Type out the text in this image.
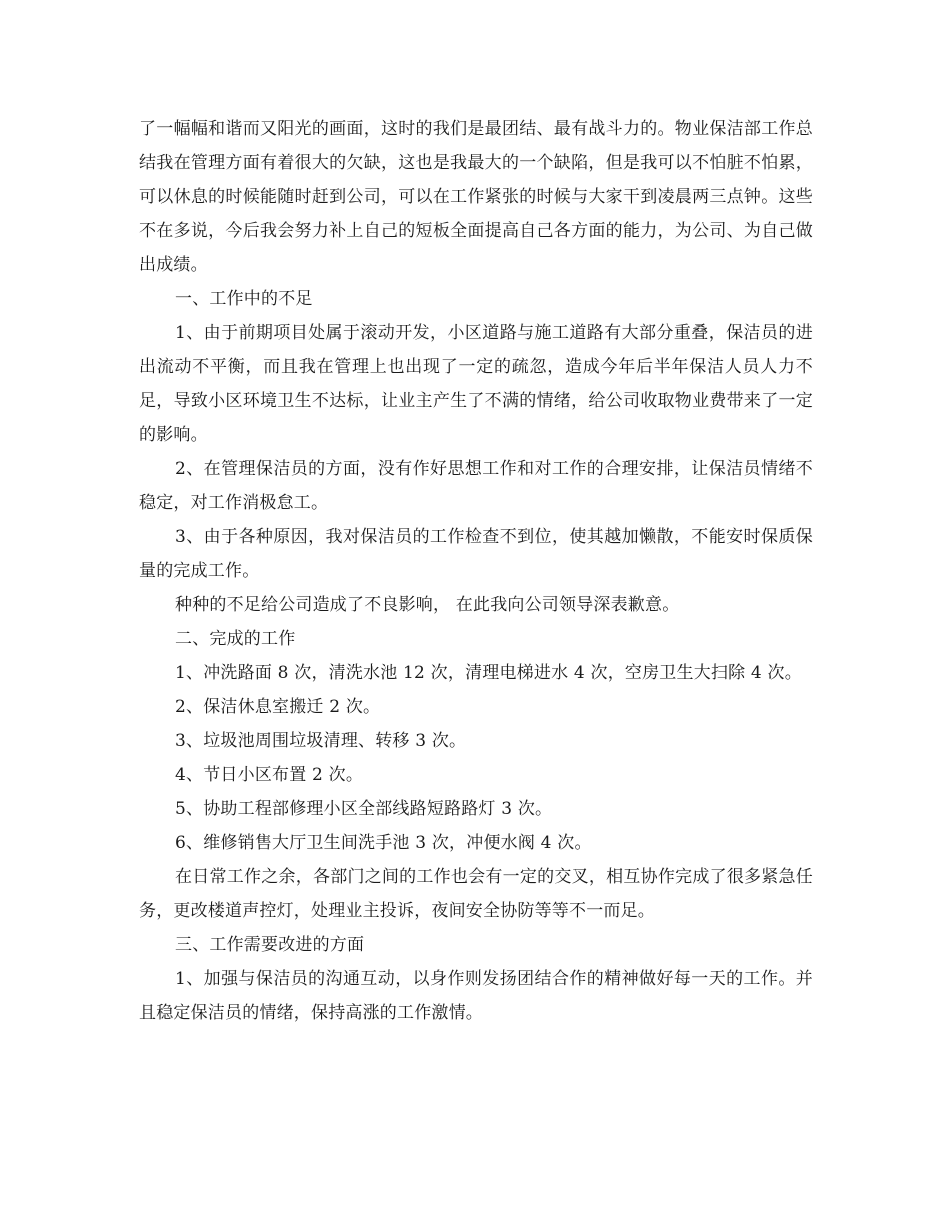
了一幅幅和谐而又阳光的画面，这时的我们是最团结、最有战斗力的。物业保洁部工作总结我在管理方面有着很大的欠缺，这也是我最大的一个缺陷，但是我可以不怕脏不怕累，可以休息的时候能随时赶到公司，可以在工作紧张的时候与大家干到凌晨两三点钟。这些不在多说，今后我会努力补上自己的短板全面提高自己各方面的能力，为公司、为自己做出成绩。

一、工作中的不足

1、由于前期项目处属于滚动开发，小区道路与施工道路有大部分重叠，保洁员的进出流动不平衡，而且我在管理上也出现了一定的疏忽，造成今年后半年保洁人员人力不足，导致小区环境卫生不达标，让业主产生了不满的情绪，给公司收取物业费带来了一定的影响。

2、在管理保洁员的方面，没有作好思想工作和对工作的合理安排，让保洁员情绪不稳定，对工作消极怠工。

3、由于各种原因，我对保洁员的工作检查不到位，使其越加懒散，不能安时保质保量的完成工作。

种种的不足给公司造成了不良影响， 在此我向公司领导深表歉意。

二、完成的工作

1、冲洗路面 8 次，清洗水池 12 次，清理电梯进水 4 次，空房卫生大扫除 4 次。

2、保洁休息室搬迁 2 次。

3、垃圾池周围垃圾清理、转移 3 次。

4、节日小区布置 2 次。

5、协助工程部修理小区全部线路短路路灯 3 次。

6、维修销售大厅卫生间洗手池 3 次，冲便水阀 4 次。

在日常工作之余，各部门之间的工作也会有一定的交叉，相互协作完成了很多紧急任务，更改楼道声控灯，处理业主投诉，夜间安全协防等等不一而足。

三、工作需要改进的方面

1、加强与保洁员的沟通互动，以身作则发扬团结合作的精神做好每一天的工作。并且稳定保洁员的情绪，保持高涨的工作激情。
